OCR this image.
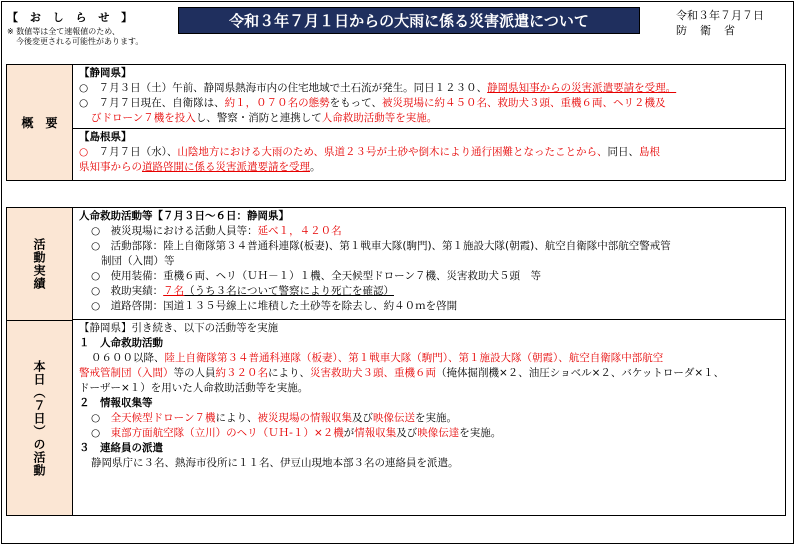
【 お し ら せ 】
※ 数値等は全て速報値のため、
今後変更される可能性があります。
令和３年７月１日からの大雨に係る災害派遣について	令和３年７月７日
防衛省
概　要
【静岡県】
○　７月３日（土）午前、静岡県熱海市内の住宅地域で土石流が発生。同日１２３０、静岡県知事からの災害派遣要請を受理。
○　７月７日現在、自衛隊は、約１，０７０名の態勢をもって、被災現場に約４５０名、救助犬３頭、重機６両、ヘリ２機及
びドローン７機を投入し、警察・消防と連携して人命救助活動等を実施。
【島根県】
○　７月７日（水）、山陰地方における大雨のため、県道２３号が土砂や倒木により通行困難となったことから、同日、島根
県知事からの道路啓開に係る災害派遣要請を受理。
活動実績
本日（７日）の活動
人命救助活動等【７月３日～６日：静岡県】
○　被災現場における活動人員等：延べ１，４２０名
○　活動部隊：陸上自衛隊第３４普通科連隊(板妻)、第１戦車大隊(駒門)、第１施設大隊(朝霞)、航空自衛隊中部航空警戒管
制団（入間）等
○　使用装備：重機６両、ヘリ（ＵＨ－１）１機、全天候型ドローン７機、災害救助犬５頭　等
○　救助実績：７名（うち３名について警察により死亡を確認）
○　道路啓開：国道１３５号線上に堆積した土砂等を除去し、約４０ｍを啓開
【静岡県】引き続き、以下の活動等を実施
１　人命救助活動
０６００以降、陸上自衛隊第３４普通科連隊（板妻）、第１戦車大隊（駒門）、第１施設大隊（朝霞）、航空自衛隊中部航空
警戒管制団（入間）等の人員約３２０名により、災害救助犬３頭、重機６両（掩体掘削機×２、油圧ショベル×２、バケットローダ×１、
ドーザー×１）を用いた人命救助活動等を実施。
２　情報収集等
○　全天候型ドローン７機により、被災現場の情報収集及び映像伝送を実施。
○　東部方面航空隊（立川）のヘリ（ＵＨ-１）×２機が情報収集及び映像伝達を実施。
３　連絡員の派遣
静岡県庁に３名、熱海市役所に１１名、伊豆山現地本部３名の連絡員を派遣。
